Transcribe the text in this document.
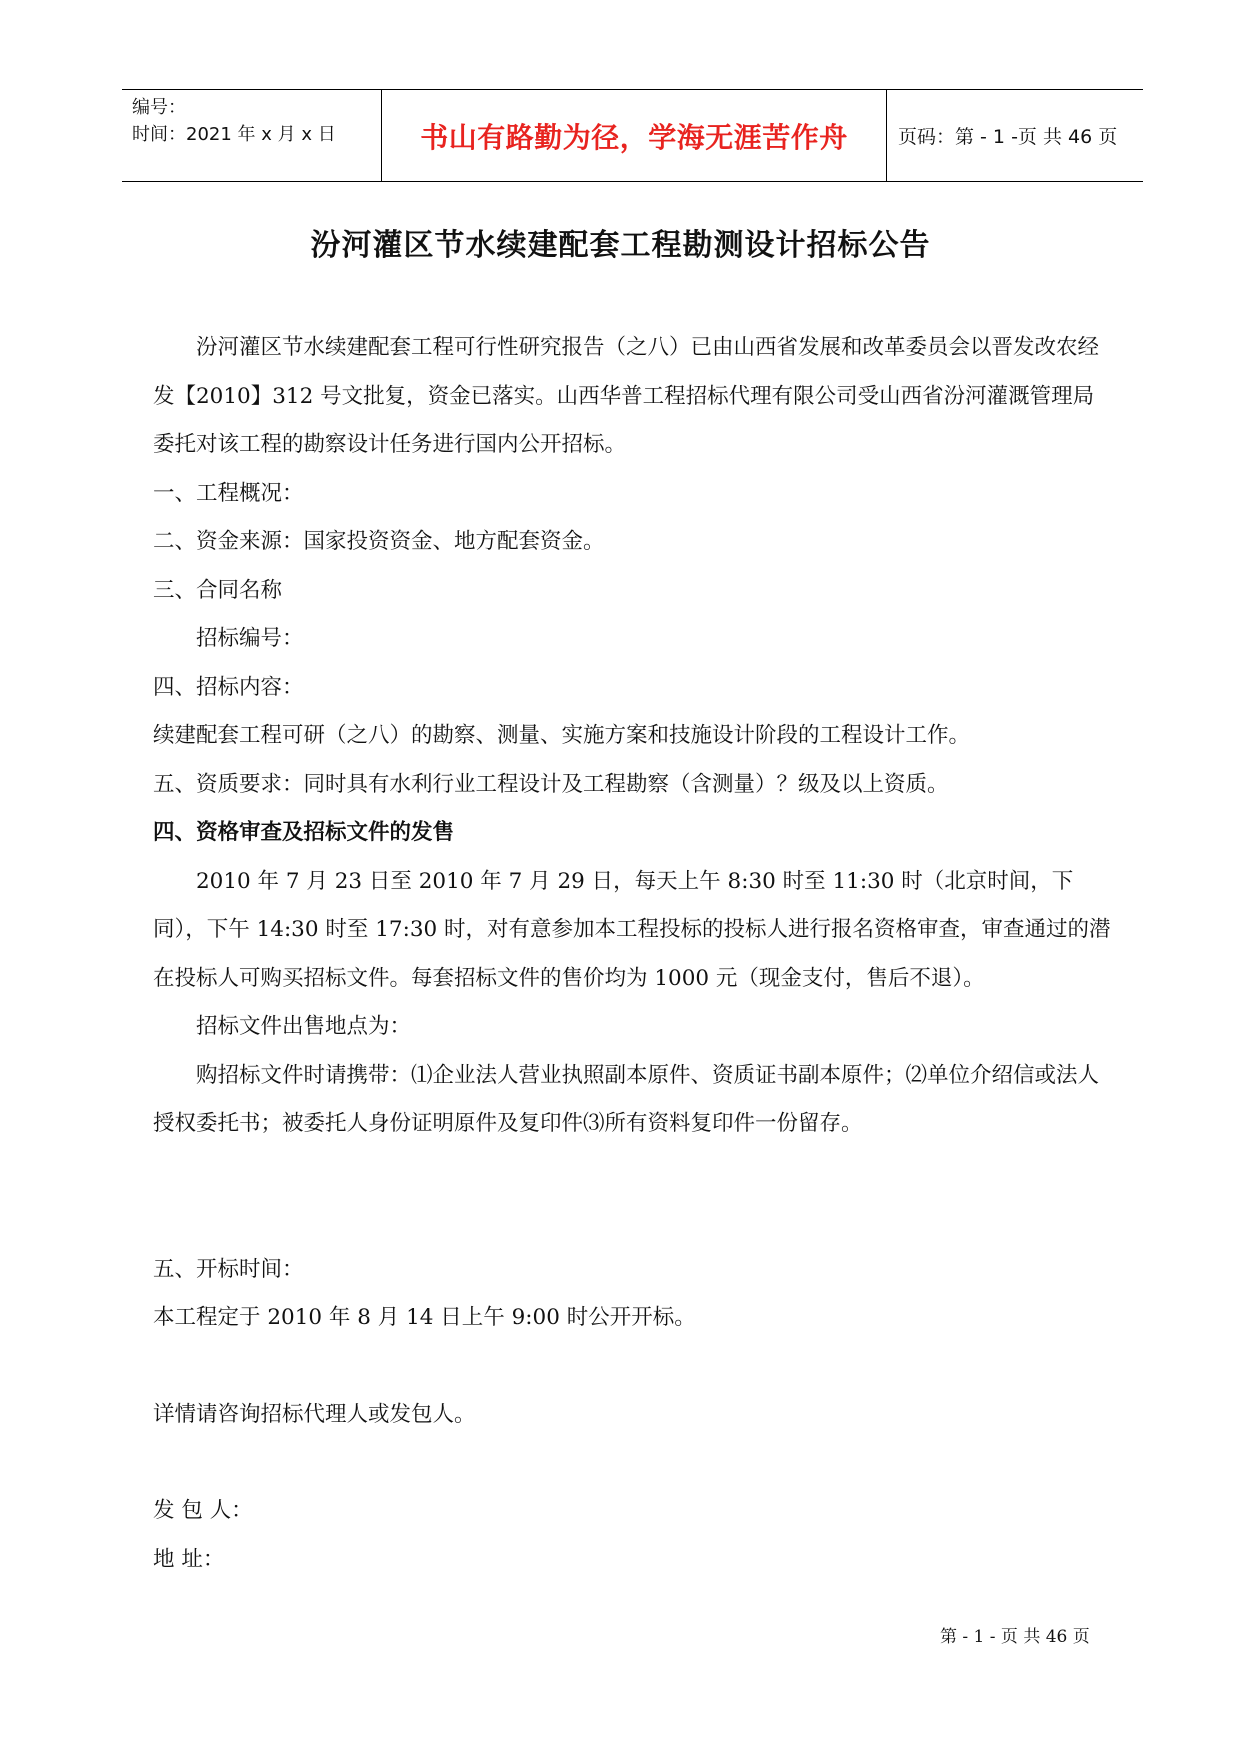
编号：
时间：2021 年 x 月 x 日	书山有路勤为径，学海无涯苦作舟	页码：第 - 1 -页 共 46 页
汾河灌区节水续建配套工程勘测设计招标公告

汾河灌区节水续建配套工程可行性研究报告（之八）已由山西省发展和改革委员会以晋发改农经发【2010】312 号文批复，资金已落实。山西华普工程招标代理有限公司受山西省汾河灌溉管理局委托对该工程的勘察设计任务进行国内公开招标。

一、工程概况：

二、资金来源：国家投资资金、地方配套资金。

三、合同名称

招标编号：

四、招标内容：

续建配套工程可研（之八）的勘察、测量、实施方案和技施设计阶段的工程设计工作。

五、资质要求：同时具有水利行业工程设计及工程勘察（含测量）？级及以上资质。

四、资格审查及招标文件的发售

2010 年 7 月 23 日至 2010 年 7 月 29 日，每天上午 8:30 时至 11:30 时（北京时间，下同），下午 14:30 时至 17:30 时，对有意参加本工程投标的投标人进行报名资格审查，审查通过的潜在投标人可购买招标文件。每套招标文件的售价均为 1000 元（现金支付，售后不退）。

招标文件出售地点为：

购招标文件时请携带：⑴企业法人营业执照副本原件、资质证书副本原件；⑵单位介绍信或法人授权委托书；被委托人身份证明原件及复印件⑶所有资料复印件一份留存。

五、开标时间：

本工程定于 2010 年 8 月 14 日上午 9:00 时公开开标。

详情请咨询招标代理人或发包人。

发 包 人：

地 址：

第 - 1 - 页 共 46 页
